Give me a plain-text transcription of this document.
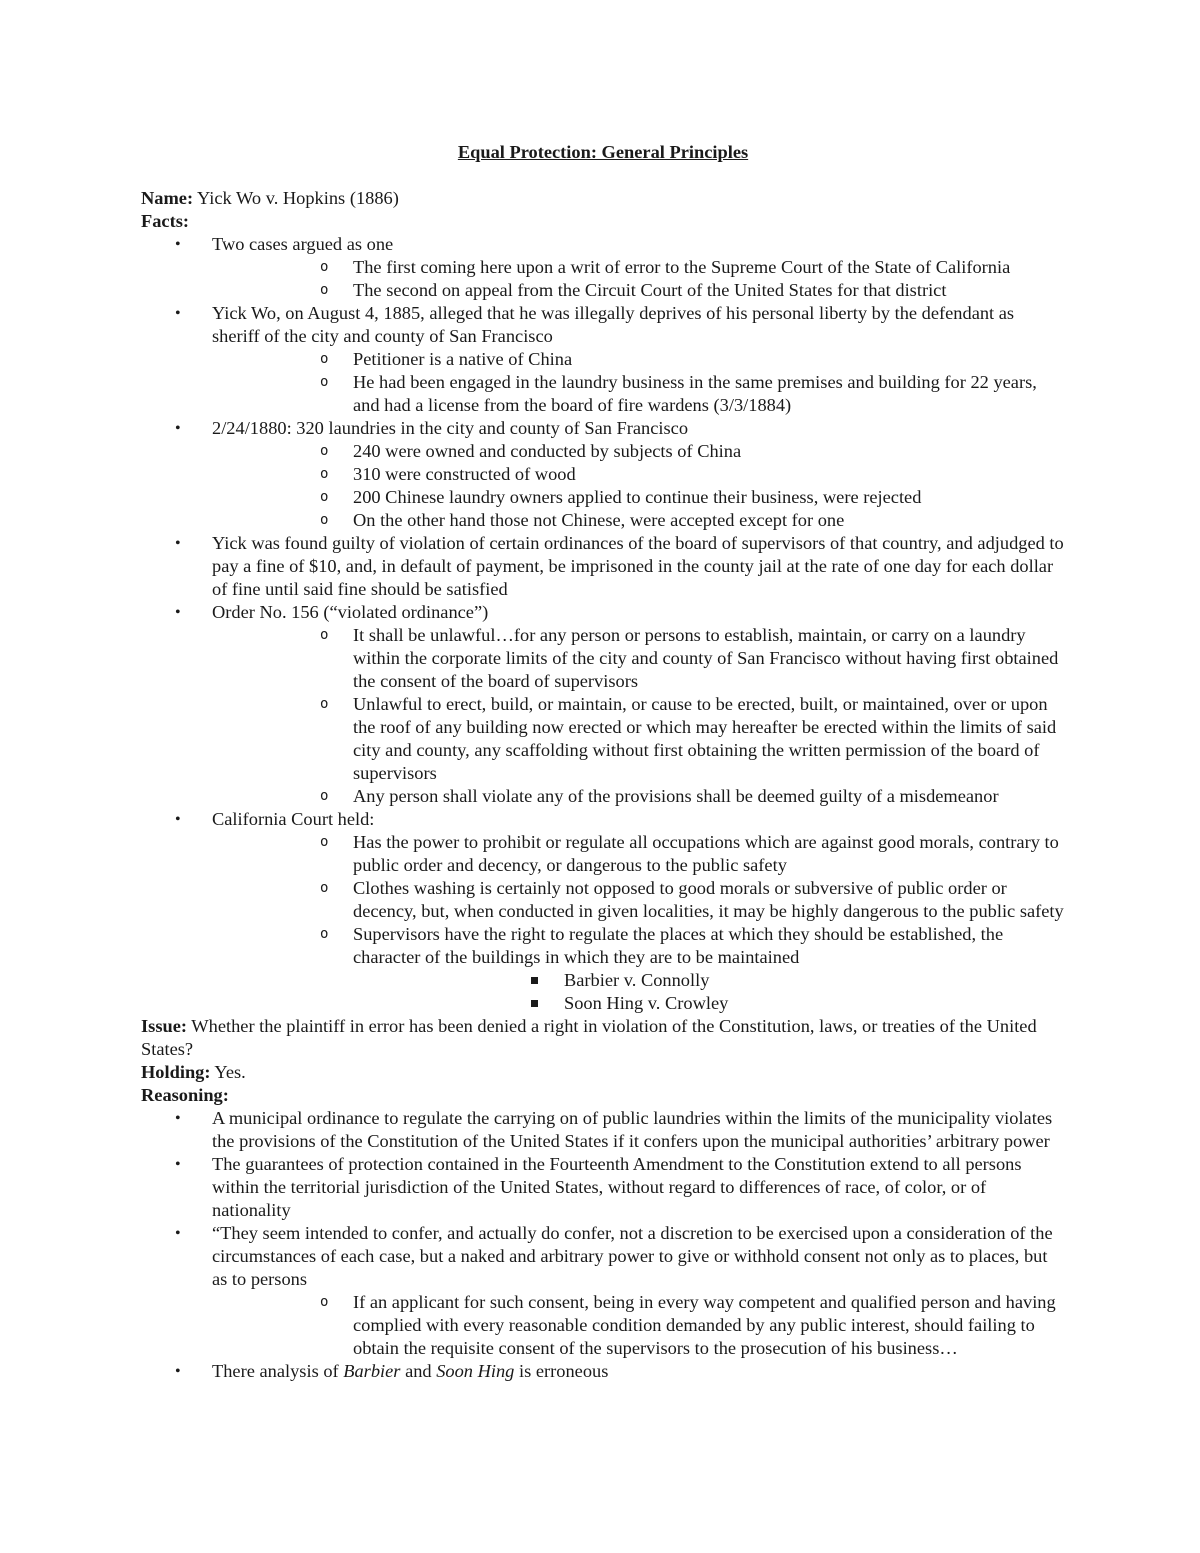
Equal Protection: General Principles

Name: Yick Wo v. Hopkins (1886)

Facts:

•	Two cases argued as one
o	The first coming here upon a writ of error to the Supreme Court of the State of California
o	The second on appeal from the Circuit Court of the United States for that district
•	Yick Wo, on August 4, 1885, alleged that he was illegally deprives of his personal liberty by the defendant as sheriff of the city and county of San Francisco
o	Petitioner is a native of China
o	He had been engaged in the laundry business in the same premises and building for 22 years, and had a license from the board of fire wardens (3/3/1884)
•	2/24/1880: 320 laundries in the city and county of San Francisco
o	240 were owned and conducted by subjects of China
o	310 were constructed of wood
o	200 Chinese laundry owners applied to continue their business, were rejected
o	On the other hand those not Chinese, were accepted except for one
•	Yick was found guilty of violation of certain ordinances of the board of supervisors of that country, and adjudged to pay a fine of $10, and, in default of payment, be imprisoned in the county jail at the rate of one day for each dollar of fine until said fine should be satisfied
•	Order No. 156 (“violated ordinance”)
o	It shall be unlawful…for any person or persons to establish, maintain, or carry on a laundry within the corporate limits of the city and county of San Francisco without having first obtained the consent of the board of supervisors
o	Unlawful to erect, build, or maintain, or cause to be erected, built, or maintained, over or upon the roof of any building now erected or which may hereafter be erected within the limits of said city and county, any scaffolding without first obtaining the written permission of the board of supervisors
o	Any person shall violate any of the provisions shall be deemed guilty of a misdemeanor
•	California Court held:
o	Has the power to prohibit or regulate all occupations which are against good morals, contrary to public order and decency, or dangerous to the public safety
o	Clothes washing is certainly not opposed to good morals or subversive of public order or decency, but, when conducted in given localities, it may be highly dangerous to the public safety
o	Supervisors have the right to regulate the places at which they should be established, the character of the buildings in which they are to be maintained
Barbier v. Connolly
Soon Hing v. Crowley

Issue: Whether the plaintiff in error has been denied a right in violation of the Constitution, laws, or treaties of the United States?

Holding: Yes.

Reasoning:

•	A municipal ordinance to regulate the carrying on of public laundries within the limits of the municipality violates the provisions of the Constitution of the United States if it confers upon the municipal authorities’ arbitrary power
•	The guarantees of protection contained in the Fourteenth Amendment to the Constitution extend to all persons within the territorial jurisdiction of the United States, without regard to differences of race, of color, or of nationality
•	“They seem intended to confer, and actually do confer, not a discretion to be exercised upon a consideration of the circumstances of each case, but a naked and arbitrary power to give or withhold consent not only as to places, but as to persons
o	If an applicant for such consent, being in every way competent and qualified person and having complied with every reasonable condition demanded by any public interest, should failing to obtain the requisite consent of the supervisors to the prosecution of his business…
•	There analysis of Barbier and Soon Hing is erroneous
